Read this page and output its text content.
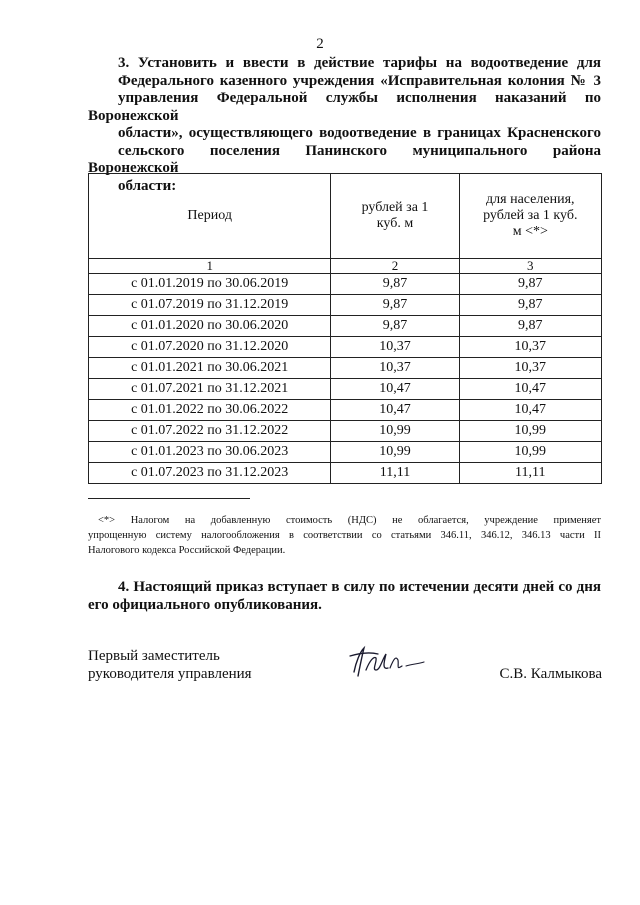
2
3. Установить и ввести в действие тарифы на водоотведение для
Федерального казенного учреждения «Исправительная колония № 3
управления Федеральной службы исполнения наказаний по Воронежской
области», осуществляющего водоотведение в границах Красненского
сельского поселения Панинского муниципального района Воронежской
области:
Период	рублей за 1 куб. м	для населения, рублей за 1 куб. м <*>

1	2	3
с 01.01.2019 по 30.06.2019	9,87	9,87
с 01.07.2019 по 31.12.2019	9,87	9,87
с 01.01.2020 по 30.06.2020	9,87	9,87
с 01.07.2020 по 31.12.2020	10,37	10,37
с 01.01.2021 по 30.06.2021	10,37	10,37
с 01.07.2021 по 31.12.2021	10,47	10,47
с 01.01.2022 по 30.06.2022	10,47	10,47
с 01.07.2022 по 31.12.2022	10,99	10,99
с 01.01.2023 по 30.06.2023	10,99	10,99
с 01.07.2023 по 31.12.2023	11,11	11,11
<*> Налогом на добавленную стоимость (НДС) не облагается, учреждение применяет
упрощенную систему налогообложения в соответствии со статьями 346.11, 346.12, 346.13 части II
Налогового кодекса Российской Федерации.
4. Настоящий приказ вступает в силу по истечении десяти дней со дня
его официального опубликования.
Первый заместитель
руководителя управления	С.В. Калмыкова
